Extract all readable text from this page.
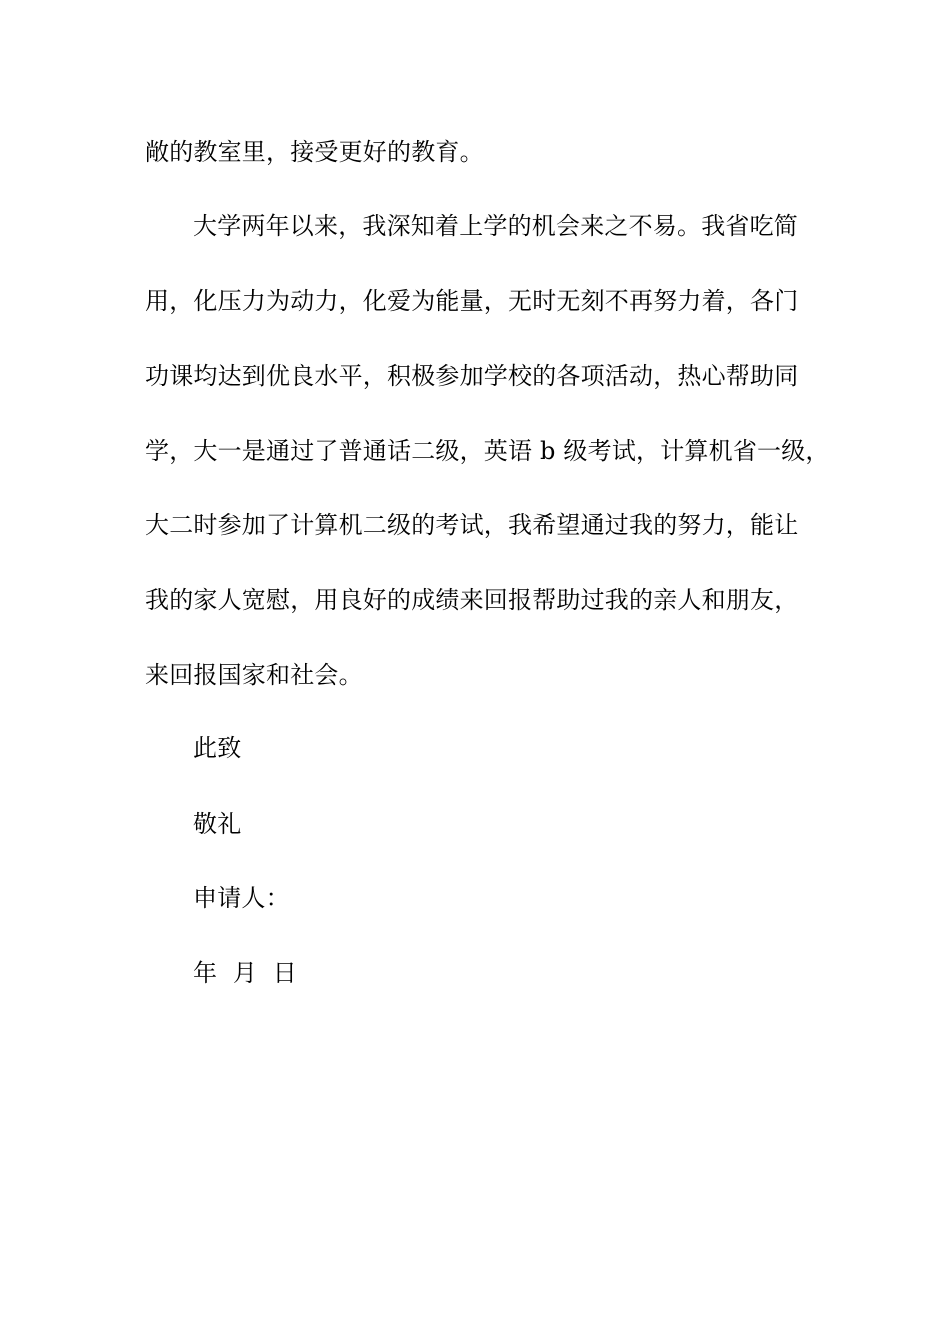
敞的教室里，接受更好的教育。
大学两年以来，我深知着上学的机会来之不易。我省吃简
用，化压力为动力，化爱为能量，无时无刻不再努力着，各门
功课均达到优良水平，积极参加学校的各项活动，热心帮助同
学，大一是通过了普通话二级，英语 b 级考试，计算机省一级，
大二时参加了计算机二级的考试，我希望通过我的努力，能让
我的家人宽慰，用良好的成绩来回报帮助过我的亲人和朋友，
来回报国家和社会。
此致
敬礼
申请人：
年  月  日
